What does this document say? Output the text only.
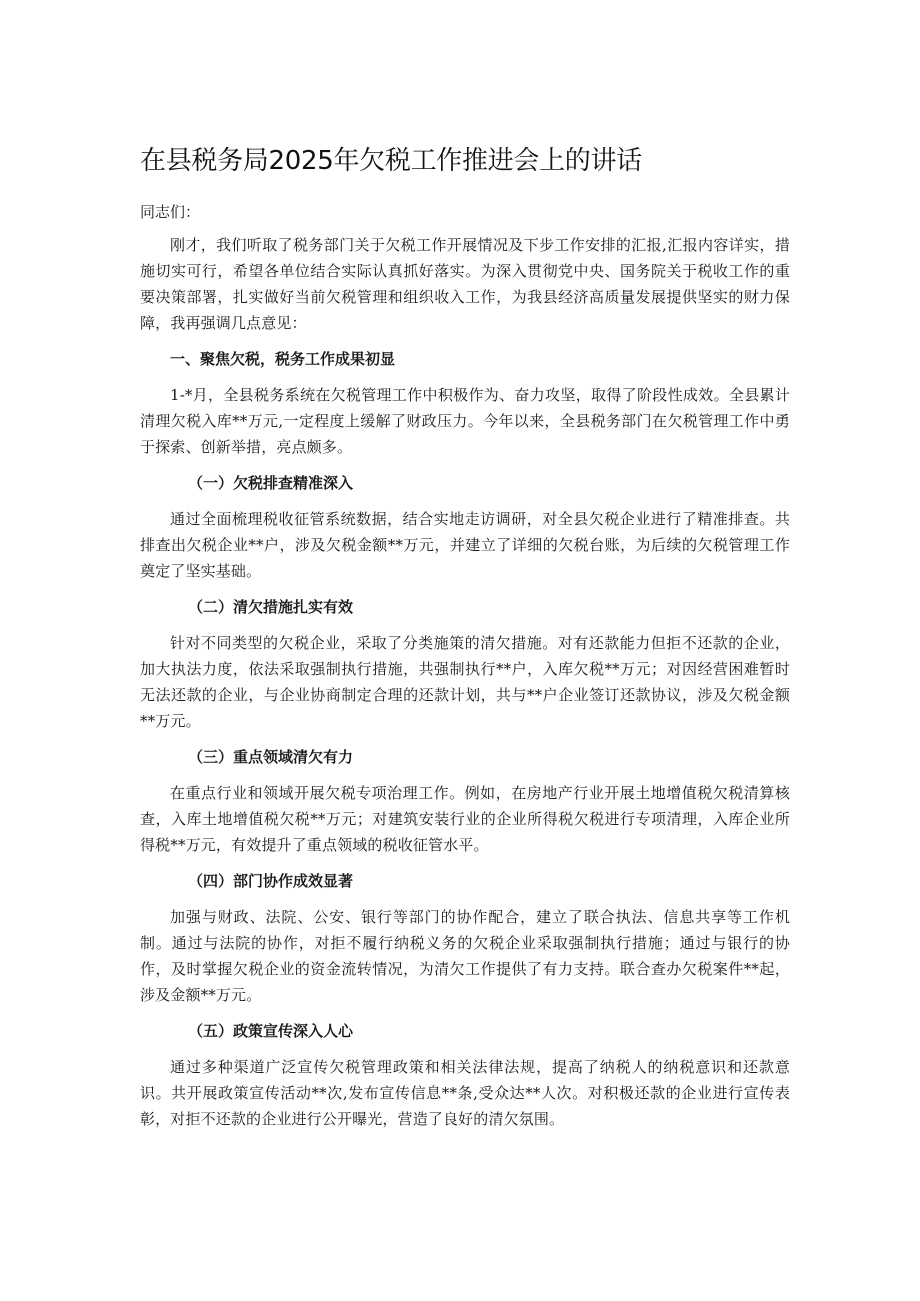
在县税务局2025年欠税工作推进会上的讲话

同志们：

刚才，我们听取了税务部门关于欠税工作开展情况及下步工作安排的汇报,汇报内容详实，措施切实可行，希望各单位结合实际认真抓好落实。为深入贯彻党中央、国务院关于税收工作的重要决策部署，扎实做好当前欠税管理和组织收入工作，为我县经济高质量发展提供坚实的财力保障，我再强调几点意见：

一、聚焦欠税，税务工作成果初显

1-*月，全县税务系统在欠税管理工作中积极作为、奋力攻坚，取得了阶段性成效。全县累计清理欠税入库**万元,一定程度上缓解了财政压力。今年以来，全县税务部门在欠税管理工作中勇于探索、创新举措，亮点颇多。

（一）欠税排查精准深入

通过全面梳理税收征管系统数据，结合实地走访调研，对全县欠税企业进行了精准排查。共排查出欠税企业**户，涉及欠税金额**万元，并建立了详细的欠税台账，为后续的欠税管理工作奠定了坚实基础。

（二）清欠措施扎实有效

针对不同类型的欠税企业，采取了分类施策的清欠措施。对有还款能力但拒不还款的企业，加大执法力度，依法采取强制执行措施，共强制执行**户，入库欠税**万元；对因经营困难暂时无法还款的企业，与企业协商制定合理的还款计划，共与**户企业签订还款协议，涉及欠税金额**万元。

（三）重点领域清欠有力

在重点行业和领域开展欠税专项治理工作。例如，在房地产行业开展土地增值税欠税清算核查，入库土地增值税欠税**万元；对建筑安装行业的企业所得税欠税进行专项清理，入库企业所得税**万元，有效提升了重点领域的税收征管水平。

（四）部门协作成效显著

加强与财政、法院、公安、银行等部门的协作配合，建立了联合执法、信息共享等工作机制。通过与法院的协作，对拒不履行纳税义务的欠税企业采取强制执行措施；通过与银行的协作，及时掌握欠税企业的资金流转情况，为清欠工作提供了有力支持。联合查办欠税案件**起，涉及金额**万元。

（五）政策宣传深入人心

通过多种渠道广泛宣传欠税管理政策和相关法律法规，提高了纳税人的纳税意识和还款意识。共开展政策宣传活动**次,发布宣传信息**条,受众达**人次。对积极还款的企业进行宣传表彰，对拒不还款的企业进行公开曝光，营造了良好的清欠氛围。
